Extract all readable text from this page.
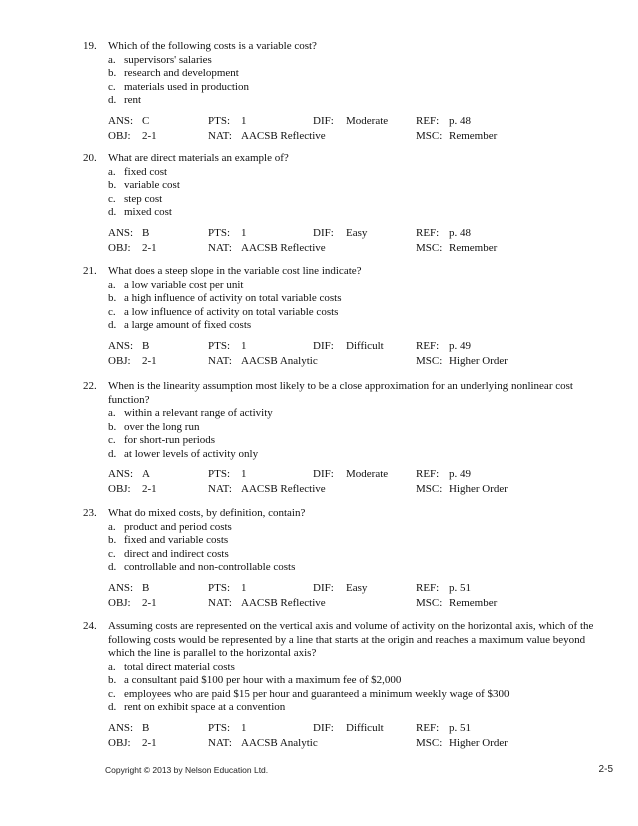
19.	Which of the following costs is a variable cost?
a. supervisors' salaries
b. research and development
c. materials used in production
d. rent
ANS: C	PTS: 1	DIF: Moderate	REF: p. 48
OBJ: 2-1	NAT: AACSB Reflective	MSC: Remember
20.	What are direct materials an example of?
a. fixed cost
b. variable cost
c. step cost
d. mixed cost
ANS: B	PTS: 1	DIF: Easy	REF: p. 48
OBJ: 2-1	NAT: AACSB Reflective	MSC: Remember
21.	What does a steep slope in the variable cost line indicate?
a. a low variable cost per unit
b. a high influence of activity on total variable costs
c. a low influence of activity on total variable costs
d. a large amount of fixed costs
ANS: B	PTS: 1	DIF: Difficult	REF: p. 49
OBJ: 2-1	NAT: AACSB Analytic	MSC: Higher Order
22.	When is the linearity assumption most likely to be a close approximation for an underlying nonlinear cost function?
a. within a relevant range of activity
b. over the long run
c. for short-run periods
d. at lower levels of activity only
ANS: A	PTS: 1	DIF: Moderate	REF: p. 49
OBJ: 2-1	NAT: AACSB Reflective	MSC: Higher Order
23.	What do mixed costs, by definition, contain?
a. product and period costs
b. fixed and variable costs
c. direct and indirect costs
d. controllable and non-controllable costs
ANS: B	PTS: 1	DIF: Easy	REF: p. 51
OBJ: 2-1	NAT: AACSB Reflective	MSC: Remember
24.	Assuming costs are represented on the vertical axis and volume of activity on the horizontal axis, which of the following costs would be represented by a line that starts at the origin and reaches a maximum value beyond which the line is parallel to the horizontal axis?
a. total direct material costs
b. a consultant paid $100 per hour with a maximum fee of $2,000
c. employees who are paid $15 per hour and guaranteed a minimum weekly wage of $300
d. rent on exhibit space at a convention
ANS: B	PTS: 1	DIF: Difficult	REF: p. 51
OBJ: 2-1	NAT: AACSB Analytic	MSC: Higher Order
Copyright © 2013 by Nelson Education Ltd.	2-5
